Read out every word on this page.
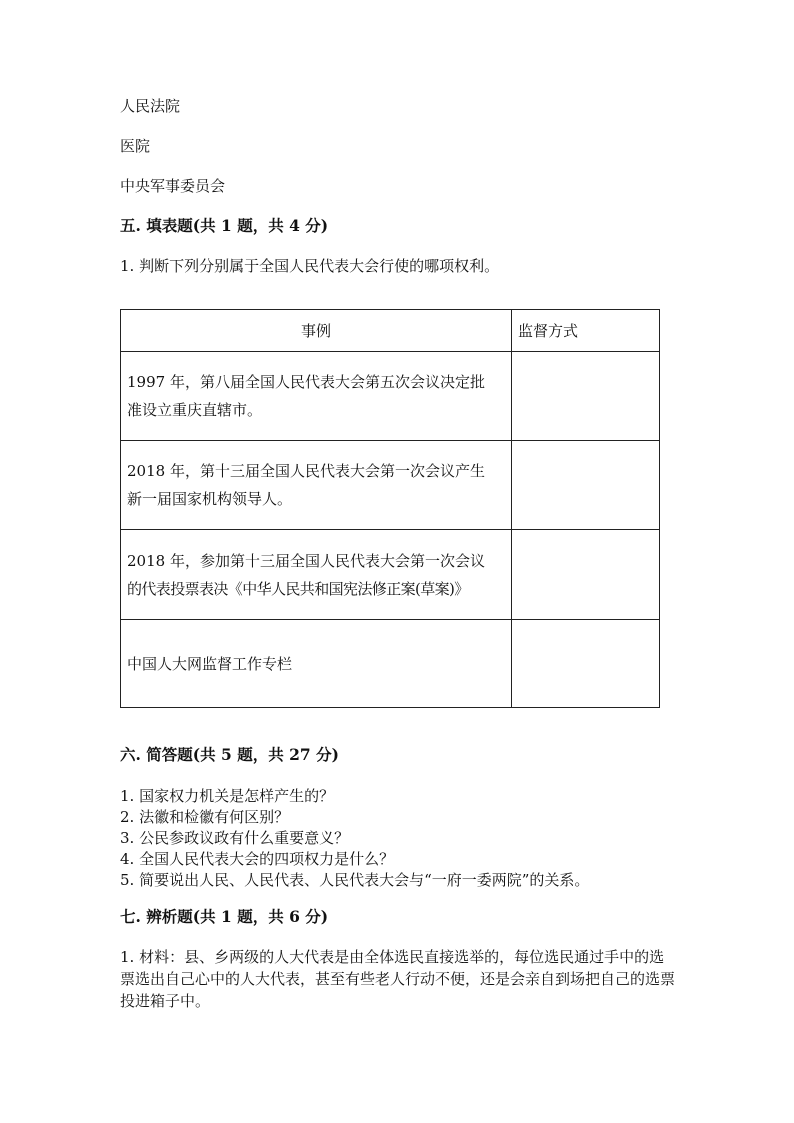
人民法院
医院
中央军事委员会
五. 填表题(共 1 题，共 4 分)
1. 判断下列分别属于全国人民代表大会行使的哪项权利。
事例	监督方式

1997 年，第八届全国人民代表大会第五次会议决定批
准设立重庆直辖市。	

2018 年，第十三届全国人民代表大会第一次会议产生
新一届国家机构领导人。	

2018 年，参加第十三届全国人民代表大会第一次会议
的代表投票表决《中华人民共和国宪法修正案(草案)》	

中国人大网监督工作专栏	

六. 简答题(共 5 题，共 27 分)
1. 国家权力机关是怎样产生的？
2. 法徽和检徽有何区别？
3. 公民参政议政有什么重要意义？
4. 全国人民代表大会的四项权力是什么？
5. 简要说出人民、人民代表、人民代表大会与“一府一委两院”的关系。
七. 辨析题(共 1 题，共 6 分)
1. 材料：县、乡两级的人大代表是由全体选民直接选举的，每位选民通过手中的选票选出自己心中的人大代表，甚至有些老人行动不便，还是会亲自到场把自己的选票投进箱子中。
